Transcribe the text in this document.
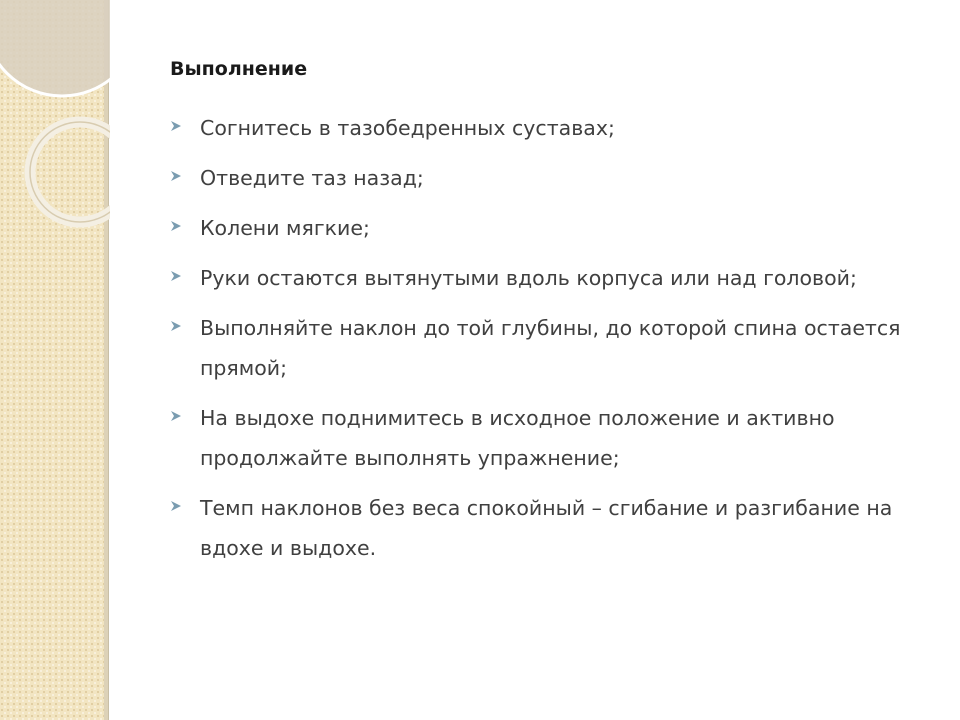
Выполнение
Согнитесь в тазобедренных суставах;
Отведите таз назад;
Колени мягкие;
Руки остаются вытянутыми вдоль корпуса или над головой;
Выполняйте наклон до той глубины, до которой спина остается прямой;
На выдохе поднимитесь в исходное положение и активно продолжайте выполнять упражнение;
Темп наклонов без веса спокойный – сгибание и разгибание на вдохе и выдохе.
